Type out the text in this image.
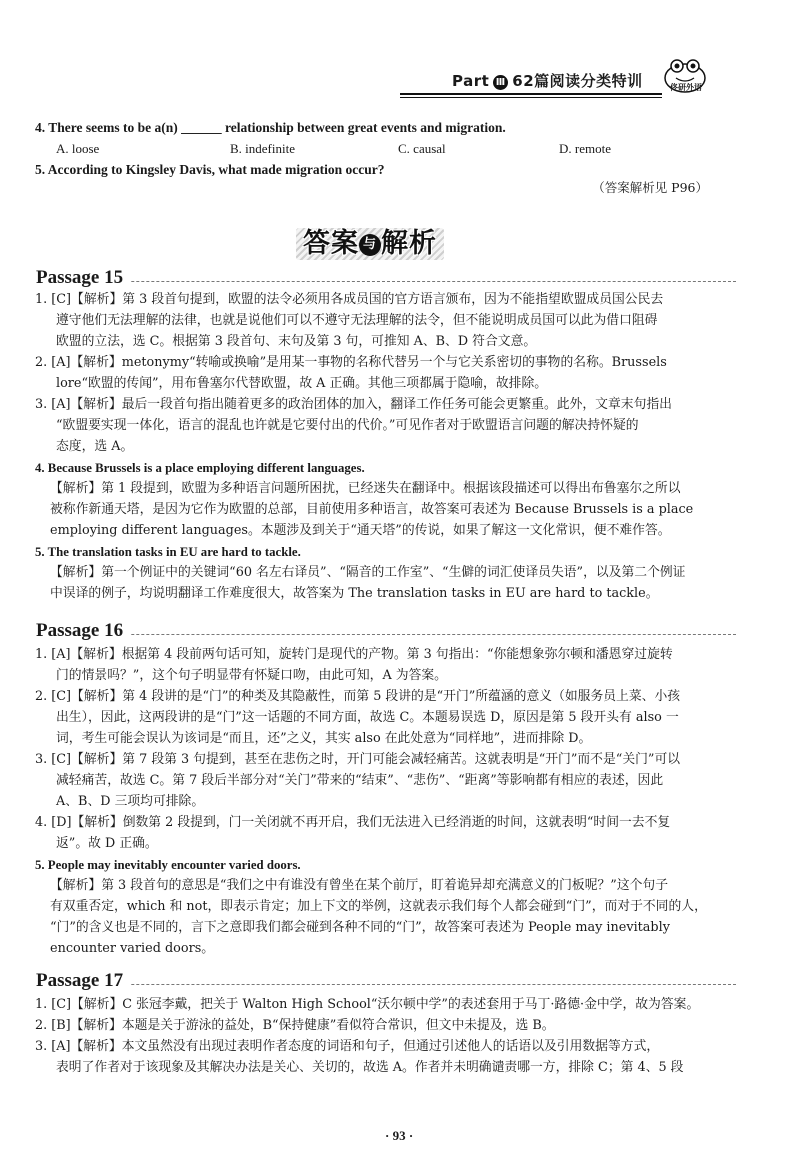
Part Ⅲ 62篇阅读分类特训	佟研外语
4. There seems to be a(n) ______ relationship between great events and migration.
A. loose	B. indefinite	C. causal	D. remote
5. According to Kingsley Davis, what made migration occur?
（答案解析见 P96）
答案 与 解析
Passage 15
1. [C]【解析】第 3 段首句提到，欧盟的法令必须用各成员国的官方语言颁布，因为不能指望欧盟成员国公民去
遵守他们无法理解的法律，也就是说他们可以不遵守无法理解的法令，但不能说明成员国可以此为借口阻碍
欧盟的立法，选 C。根据第 3 段首句、末句及第 3 句，可推知 A、B、D 符合文意。
2. [A]【解析】metonymy“转喻或换喻”是用某一事物的名称代替另一个与它关系密切的事物的名称。Brussels
lore“欧盟的传闻”，用布鲁塞尔代替欧盟，故 A 正确。其他三项都属于隐喻，故排除。
3. [A]【解析】最后一段首句指出随着更多的政治团体的加入，翻译工作任务可能会更繁重。此外，文章末句指出
“欧盟要实现一体化，语言的混乱也许就是它要付出的代价。”可见作者对于欧盟语言问题的解决持怀疑的
态度，选 A。
4. Because Brussels is a place employing different languages.
【解析】第 1 段提到，欧盟为多种语言问题所困扰，已经迷失在翻译中。根据该段描述可以得出布鲁塞尔之所以
被称作新通天塔，是因为它作为欧盟的总部，目前使用多种语言，故答案可表述为 Because Brussels is a place
employing different languages。本题涉及到关于“通天塔”的传说，如果了解这一文化常识，便不难作答。
5. The translation tasks in EU are hard to tackle.
【解析】第一个例证中的关键词“60 名左右译员”、“隔音的工作室”、“生僻的词汇使译员失语”，以及第二个例证
中误译的例子，均说明翻译工作难度很大，故答案为 The translation tasks in EU are hard to tackle。
Passage 16
1. [A]【解析】根据第 4 段前两句话可知，旋转门是现代的产物。第 3 句指出：“你能想象弥尔顿和潘恩穿过旋转
门的情景吗？”，这个句子明显带有怀疑口吻，由此可知，A 为答案。
2. [C]【解析】第 4 段讲的是“门”的种类及其隐蔽性，而第 5 段讲的是“开门”所蕴涵的意义（如服务员上菜、小孩
出生），因此，这两段讲的是“门”这一话题的不同方面，故选 C。本题易误选 D，原因是第 5 段开头有 also 一
词，考生可能会误认为该词是“而且，还”之义，其实 also 在此处意为“同样地”，进而排除 D。
3. [C]【解析】第 7 段第 3 句提到，甚至在悲伤之时，开门可能会减轻痛苦。这就表明是“开门”而不是“关门”可以
减轻痛苦，故选 C。第 7 段后半部分对“关门”带来的“结束”、“悲伤”、“距离”等影响都有相应的表述，因此
A、B、D 三项均可排除。
4. [D]【解析】倒数第 2 段提到，门一关闭就不再开启，我们无法进入已经消逝的时间，这就表明“时间一去不复
返”。故 D 正确。
5. People may inevitably encounter varied doors.
【解析】第 3 段首句的意思是“我们之中有谁没有曾坐在某个前厅，盯着诡异却充满意义的门板呢？”这个句子
有双重否定，which 和 not，即表示肯定；加上下文的举例，这就表示我们每个人都会碰到“门”，而对于不同的人，
“门”的含义也是不同的，言下之意即我们都会碰到各种不同的“门”，故答案可表述为 People may inevitably
encounter varied doors。
Passage 17
1. [C]【解析】C 张冠李戴，把关于 Walton High School“沃尔顿中学”的表述套用于马丁·路德·金中学，故为答案。
2. [B]【解析】本题是关于游泳的益处，B“保持健康”看似符合常识，但文中未提及，选 B。
3. [A]【解析】本文虽然没有出现过表明作者态度的词语和句子，但通过引述他人的话语以及引用数据等方式，
表明了作者对于该现象及其解决办法是关心、关切的，故选 A。作者并未明确谴责哪一方，排除 C；第 4、5 段
· 93 ·
